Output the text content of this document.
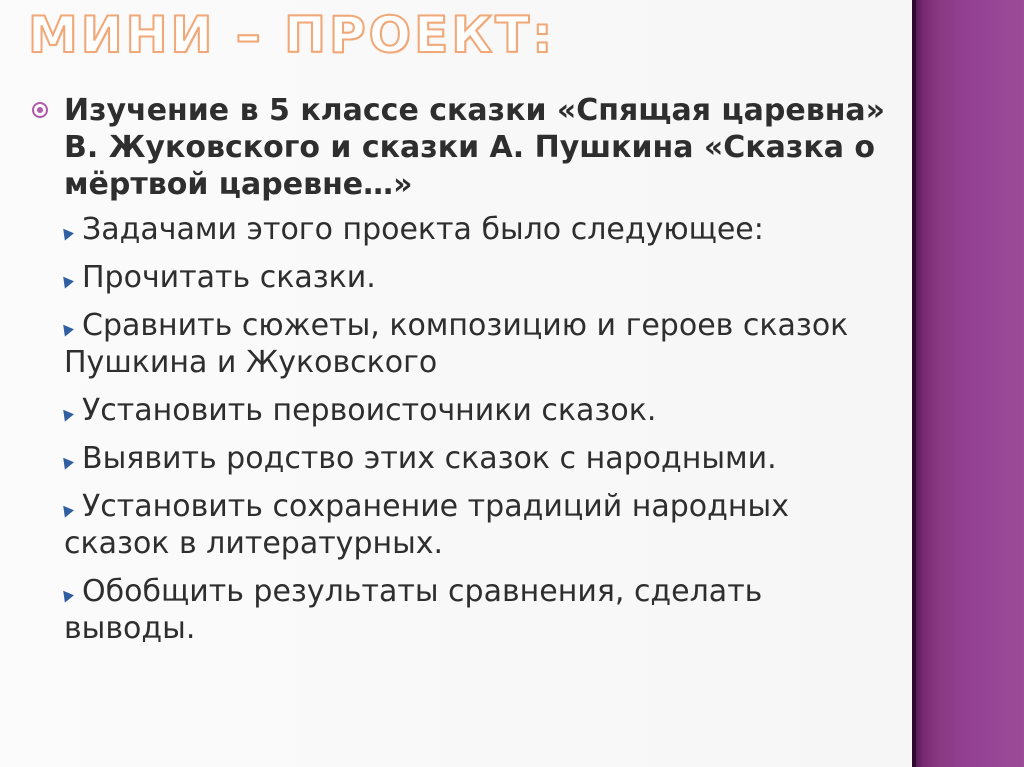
МИНИ – ПРОЕКТ:
Изучение в 5 классе сказки «Спящая царевна» В. Жуковского и сказки А. Пушкина «Сказка о мёртвой царевне…»
Задачами этого проекта было следующее:
Прочитать сказки.
Сравнить сюжеты, композицию и героев сказок Пушкина и Жуковского
Установить первоисточники сказок.
Выявить родство этих сказок с народными.
Установить сохранение традиций народных сказок в литературных.
Обобщить результаты сравнения, сделать выводы.
